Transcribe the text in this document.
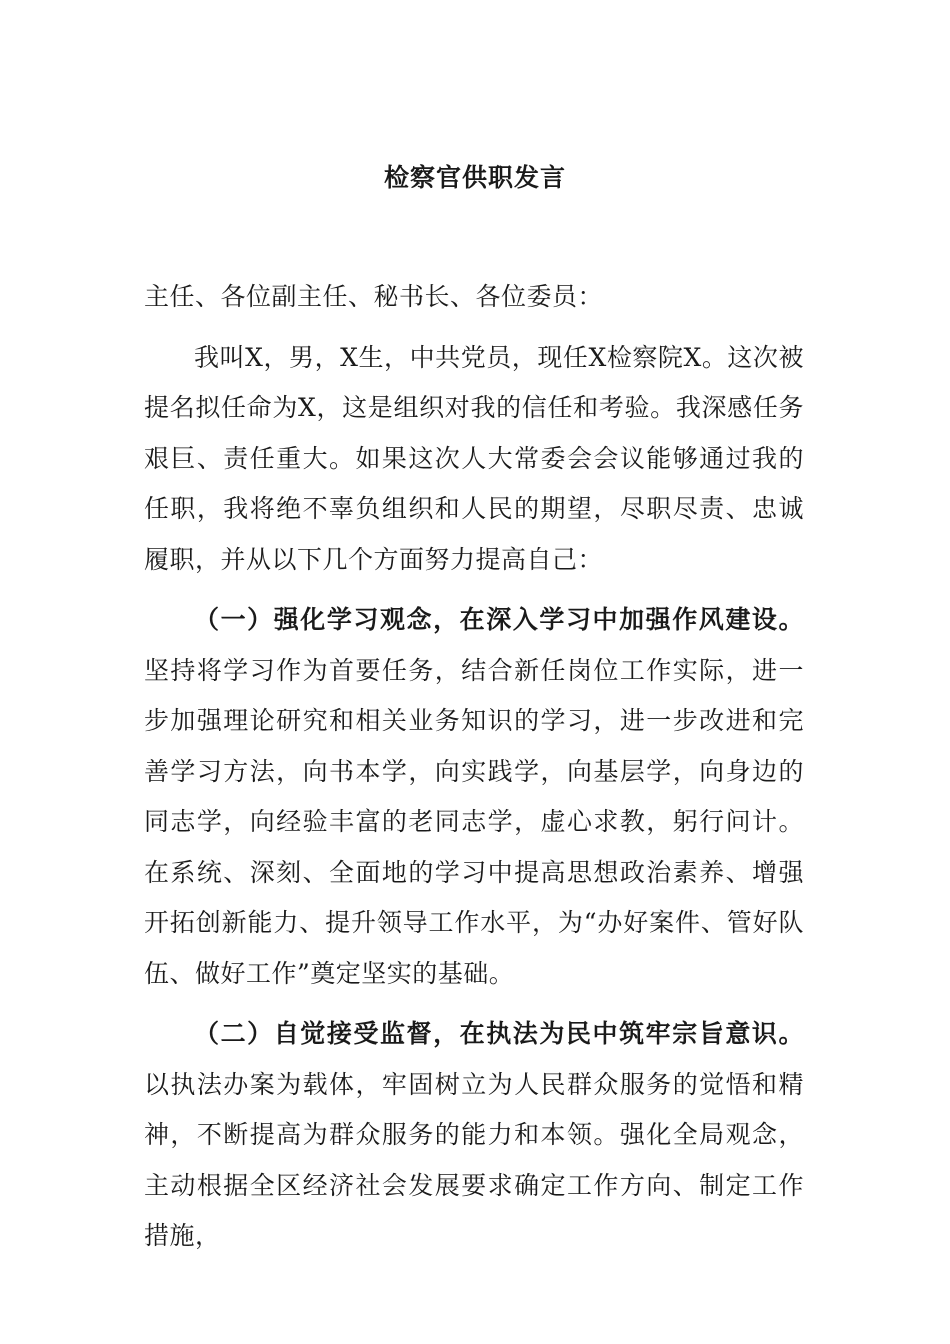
检察官供职发言

主任、各位副主任、秘书长、各位委员：

我叫X，男，X生，中共党员，现任X检察院X。这次被提名拟任命为X，这是组织对我的信任和考验。我深感任务艰巨、责任重大。如果这次人大常委会会议能够通过我的任职，我将绝不辜负组织和人民的期望，尽职尽责、忠诚履职，并从以下几个方面努力提高自己：

（一）强化学习观念，在深入学习中加强作风建设。坚持将学习作为首要任务，结合新任岗位工作实际，进一步加强理论研究和相关业务知识的学习，进一步改进和完善学习方法，向书本学，向实践学，向基层学，向身边的同志学，向经验丰富的老同志学，虚心求教，躬行问计。在系统、深刻、全面地的学习中提高思想政治素养、增强开拓创新能力、提升领导工作水平，为“办好案件、管好队伍、做好工作”奠定坚实的基础。

（二）自觉接受监督，在执法为民中筑牢宗旨意识。以执法办案为载体，牢固树立为人民群众服务的觉悟和精神，不断提高为群众服务的能力和本领。强化全局观念，主动根据全区经济社会发展要求确定工作方向、制定工作措施，
